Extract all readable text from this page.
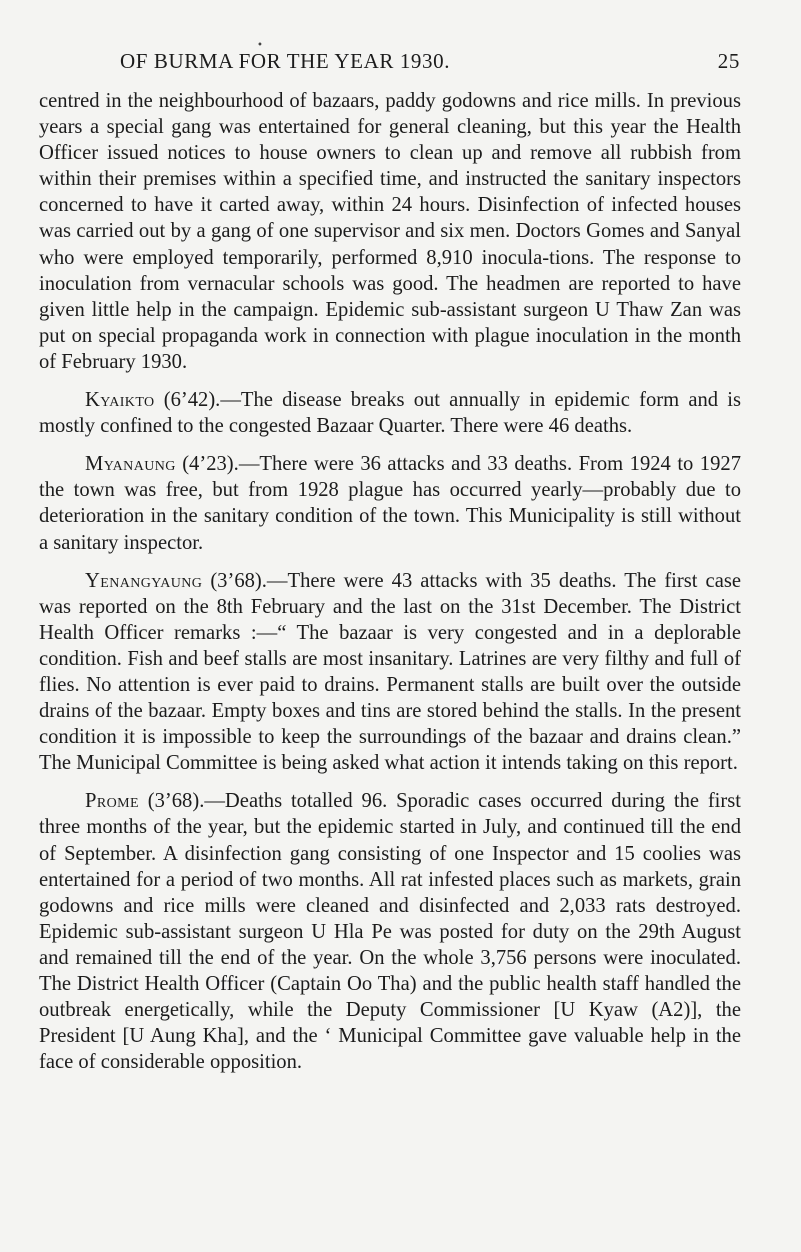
•
OF BURMA FOR THE YEAR 1930.	25

centred in the neighbourhood of bazaars, paddy godowns and rice mills. In previous years a special gang was entertained for general cleaning, but this year the Health Officer issued notices to house owners to clean up and remove all rubbish from within their premises within a specified time, and instructed the sanitary inspectors concerned to have it carted away, within 24 hours. Disinfection of infected houses was carried out by a gang of one supervisor and six men. Doctors Gomes and Sanyal who were employed temporarily, performed 8,910 inocula-tions. The response to inoculation from vernacular schools was good. The headmen are reported to have given little help in the campaign. Epidemic sub-assistant surgeon U Thaw Zan was put on special propaganda work in connection with plague inoculation in the month of February 1930.

Kyaikto (6’42).—The disease breaks out annually in epidemic form and is mostly confined to the congested Bazaar Quarter. There were 46 deaths.

Myanaung (4’23).—There were 36 attacks and 33 deaths. From 1924 to 1927 the town was free, but from 1928 plague has occurred yearly—probably due to deterioration in the sanitary condition of the town. This Municipality is still without a sanitary inspector.

Yenangyaung (3’68).—There were 43 attacks with 35 deaths. The first case was reported on the 8th February and the last on the 31st December. The District Health Officer remarks :—“ The bazaar is very congested and in a deplorable condition. Fish and beef stalls are most insanitary. Latrines are very filthy and full of flies. No attention is ever paid to drains. Permanent stalls are built over the outside drains of the bazaar. Empty boxes and tins are stored behind the stalls. In the present condition it is impossible to keep the surroundings of the bazaar and drains clean.” The Municipal Committee is being asked what action it intends taking on this report.

Prome (3’68).—Deaths totalled 96. Sporadic cases occurred during the first three months of the year, but the epidemic started in July, and continued till the end of September. A disinfection gang consisting of one Inspector and 15 coolies was entertained for a period of two months. All rat infested places such as markets, grain godowns and rice mills were cleaned and disinfected and 2,033 rats destroyed. Epidemic sub-assistant surgeon U Hla Pe was posted for duty on the 29th August and remained till the end of the year. On the whole 3,756 persons were inoculated. The District Health Officer (Captain Oo Tha) and the public health staff handled the outbreak energetically, while the Deputy Commissioner [U Kyaw (A2)], the President [U Aung Kha], and the ‘ Municipal Committee gave valuable help in the face of considerable opposition.
